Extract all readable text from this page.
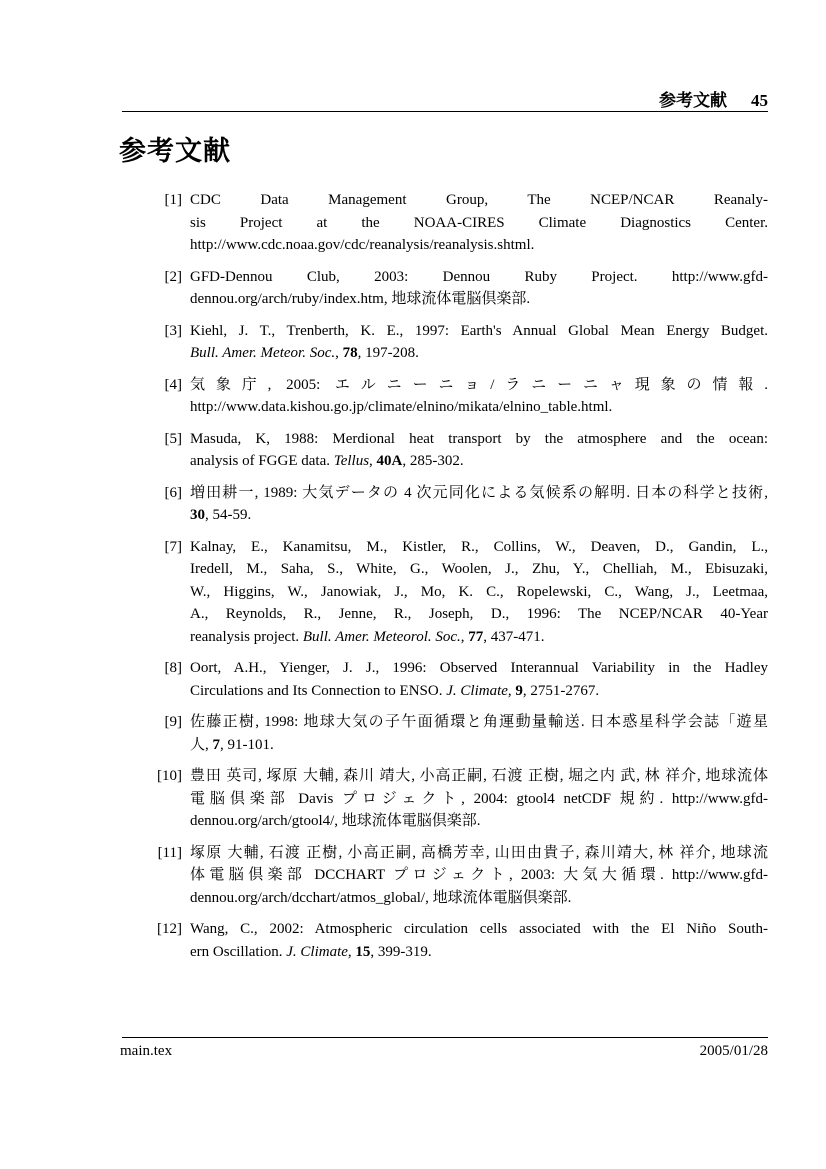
参考文献 45
参考文献
[1] CDC Data Management Group, The NCEP/NCAR Reanaly-
sis Project at the NOAA-CIRES Climate Diagnostics Center.
http://www.cdc.noaa.gov/cdc/reanalysis/reanalysis.shtml.
[2] GFD-Dennou Club, 2003: Dennou Ruby Project. http://www.gfd-
dennou.org/arch/ruby/index.htm, 地球流体電脳倶楽部.
[3] Kiehl, J. T., Trenberth, K. E., 1997: Earth's Annual Global Mean Energy Budget.
Bull. Amer. Meteor. Soc., 78, 197-208.
[4] 気象庁, 2005: エルニーニョ/ラニーニャ現象の情報.
http://www.data.kishou.go.jp/climate/elnino/mikata/elnino_table.html.
[5] Masuda, K, 1988: Merdional heat transport by the atmosphere and the ocean:
analysis of FGGE data. Tellus, 40A, 285-302.
[6] 増田耕一, 1989: 大気データの 4 次元同化による気候系の解明. 日本の科学と技術,
30, 54-59.
[7] Kalnay, E., Kanamitsu, M., Kistler, R., Collins, W., Deaven, D., Gandin, L.,
Iredell, M., Saha, S., White, G., Woolen, J., Zhu, Y., Chelliah, M., Ebisuzaki,
W., Higgins, W., Janowiak, J., Mo, K. C., Ropelewski, C., Wang, J., Leetmaa,
A., Reynolds, R., Jenne, R., Joseph, D., 1996: The NCEP/NCAR 40-Year
reanalysis project. Bull. Amer. Meteorol. Soc., 77, 437-471.
[8] Oort, A.H., Yienger, J. J., 1996: Observed Interannual Variability in the Hadley
Circulations and Its Connection to ENSO. J. Climate, 9, 2751-2767.
[9] 佐藤正樹, 1998: 地球大気の子午面循環と角運動量輸送. 日本惑星科学会誌「遊星
人, 7, 91-101.
[10] 豊田 英司, 塚原 大輔, 森川 靖大, 小高正嗣, 石渡 正樹, 堀之内 武, 林 祥介, 地球流体
電脳倶楽部 Davis プロジェクト, 2004: gtool4 netCDF 規約. http://www.gfd-
dennou.org/arch/gtool4/, 地球流体電脳倶楽部.
[11] 塚原 大輔, 石渡 正樹, 小高正嗣, 高橋芳幸, 山田由貴子, 森川靖大, 林 祥介, 地球流
体電脳倶楽部 DCCHART プロジェクト, 2003: 大気大循環. http://www.gfd-
dennou.org/arch/dcchart/atmos_global/, 地球流体電脳倶楽部.
[12] Wang, C., 2002: Atmospheric circulation cells associated with the El Niño South-
ern Oscillation. J. Climate, 15, 399-319.
main.tex	2005/01/28
